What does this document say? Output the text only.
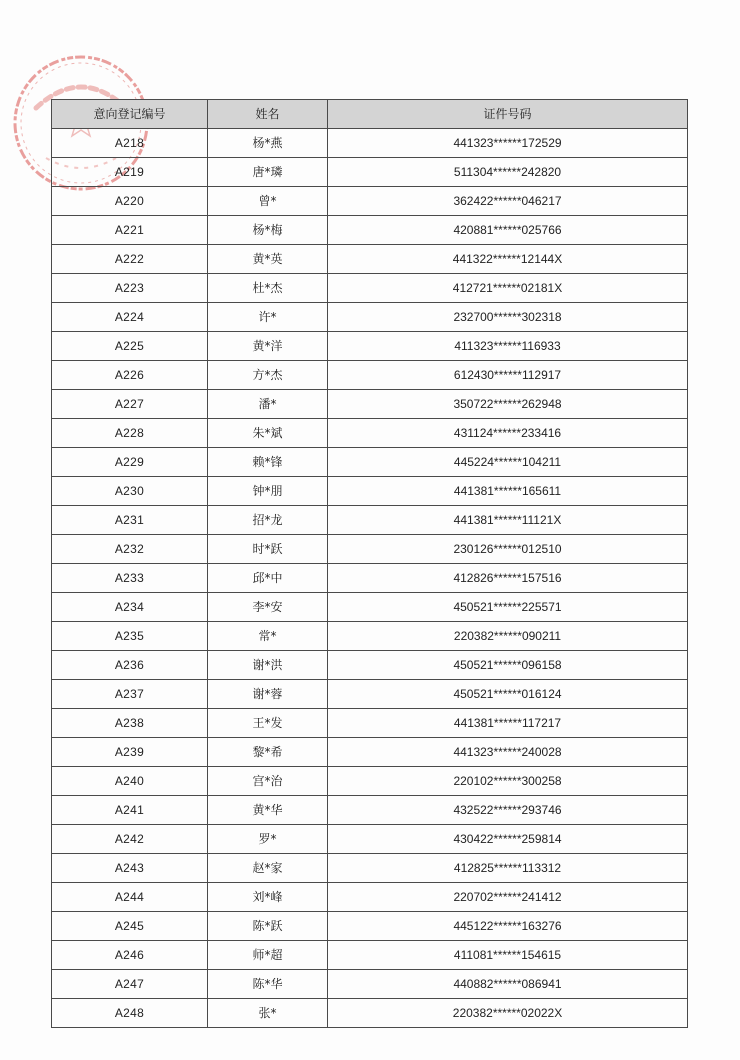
意向登记编号	姓名	证件号码
A218	杨*燕	441323******172529
A219	唐*璘	511304******242820
A220	曾*	362422******046217
A221	杨*梅	420881******025766
A222	黄*英	441322******12144X
A223	杜*杰	412721******02181X
A224	许*	232700******302318
A225	黄*洋	411323******116933
A226	方*杰	612430******112917
A227	潘*	350722******262948
A228	朱*斌	431124******233416
A229	赖*锋	445224******104211
A230	钟*朋	441381******165611
A231	招*龙	441381******11121X
A232	时*跃	230126******012510
A233	邱*中	412826******157516
A234	李*安	450521******225571
A235	常*	220382******090211
A236	谢*洪	450521******096158
A237	谢*蓉	450521******016124
A238	王*发	441381******117217
A239	黎*希	441323******240028
A240	宫*治	220102******300258
A241	黄*华	432522******293746
A242	罗*	430422******259814
A243	赵*家	412825******113312
A244	刘*峰	220702******241412
A245	陈*跃	445122******163276
A246	师*超	411081******154615
A247	陈*华	440882******086941
A248	张*	220382******02022X
